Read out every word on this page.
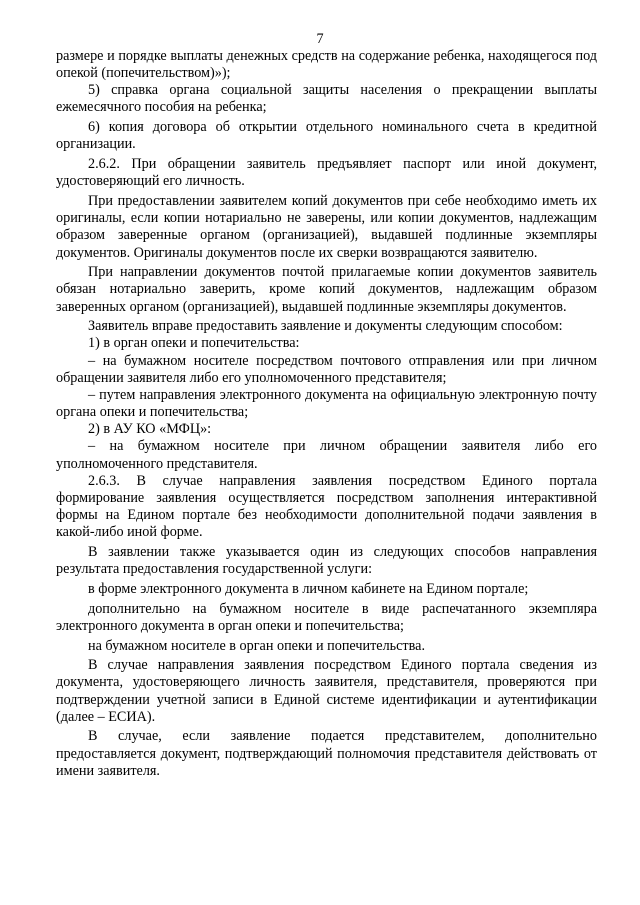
7

размере и порядке выплаты денежных средств на содержание ребенка, находящегося под опекой (попечительством)»);

5) справка органа социальной защиты населения о прекращении выплаты ежемесячного пособия на ребенка;

6) копия договора об открытии отдельного номинального счета в кредитной организации.

2.6.2. При обращении заявитель предъявляет паспорт или иной документ, удостоверяющий его личность.

При предоставлении заявителем копий документов при себе необходимо иметь их оригиналы, если копии нотариально не заверены, или копии документов, надлежащим образом заверенные органом (организацией), выдавшей подлинные экземпляры документов. Оригиналы документов после их сверки возвращаются заявителю.

При направлении документов почтой прилагаемые копии документов заявитель обязан нотариально заверить, кроме копий документов, надлежащим образом заверенных органом (организацией), выдавшей подлинные экземпляры документов.

Заявитель вправе предоставить заявление и документы следующим способом:

1) в орган опеки и попечительства:

– на бумажном носителе посредством почтового отправления или при личном обращении заявителя либо его уполномоченного представителя;

– путем направления электронного документа на официальную электронную почту органа опеки и попечительства;

2) в АУ КО «МФЦ»:

– на бумажном носителе при личном обращении заявителя либо его уполномоченного представителя.

2.6.3. В случае направления заявления посредством Единого портала формирование заявления осуществляется посредством заполнения интерактивной формы на Едином портале без необходимости дополнительной подачи заявления в какой-либо иной форме.

В заявлении также указывается один из следующих способов направления результата предоставления государственной услуги:

в форме электронного документа в личном кабинете на Едином портале;

дополнительно на бумажном носителе в виде распечатанного экземпляра электронного документа в орган опеки и попечительства;

на бумажном носителе в орган опеки и попечительства.

В случае направления заявления посредством Единого портала сведения из документа, удостоверяющего личность заявителя, представителя, проверяются при подтверждении учетной записи в Единой системе идентификации и аутентификации (далее – ЕСИА).

В случае, если заявление подается представителем, дополнительно предоставляется документ, подтверждающий полномочия представителя действовать от имени заявителя.
